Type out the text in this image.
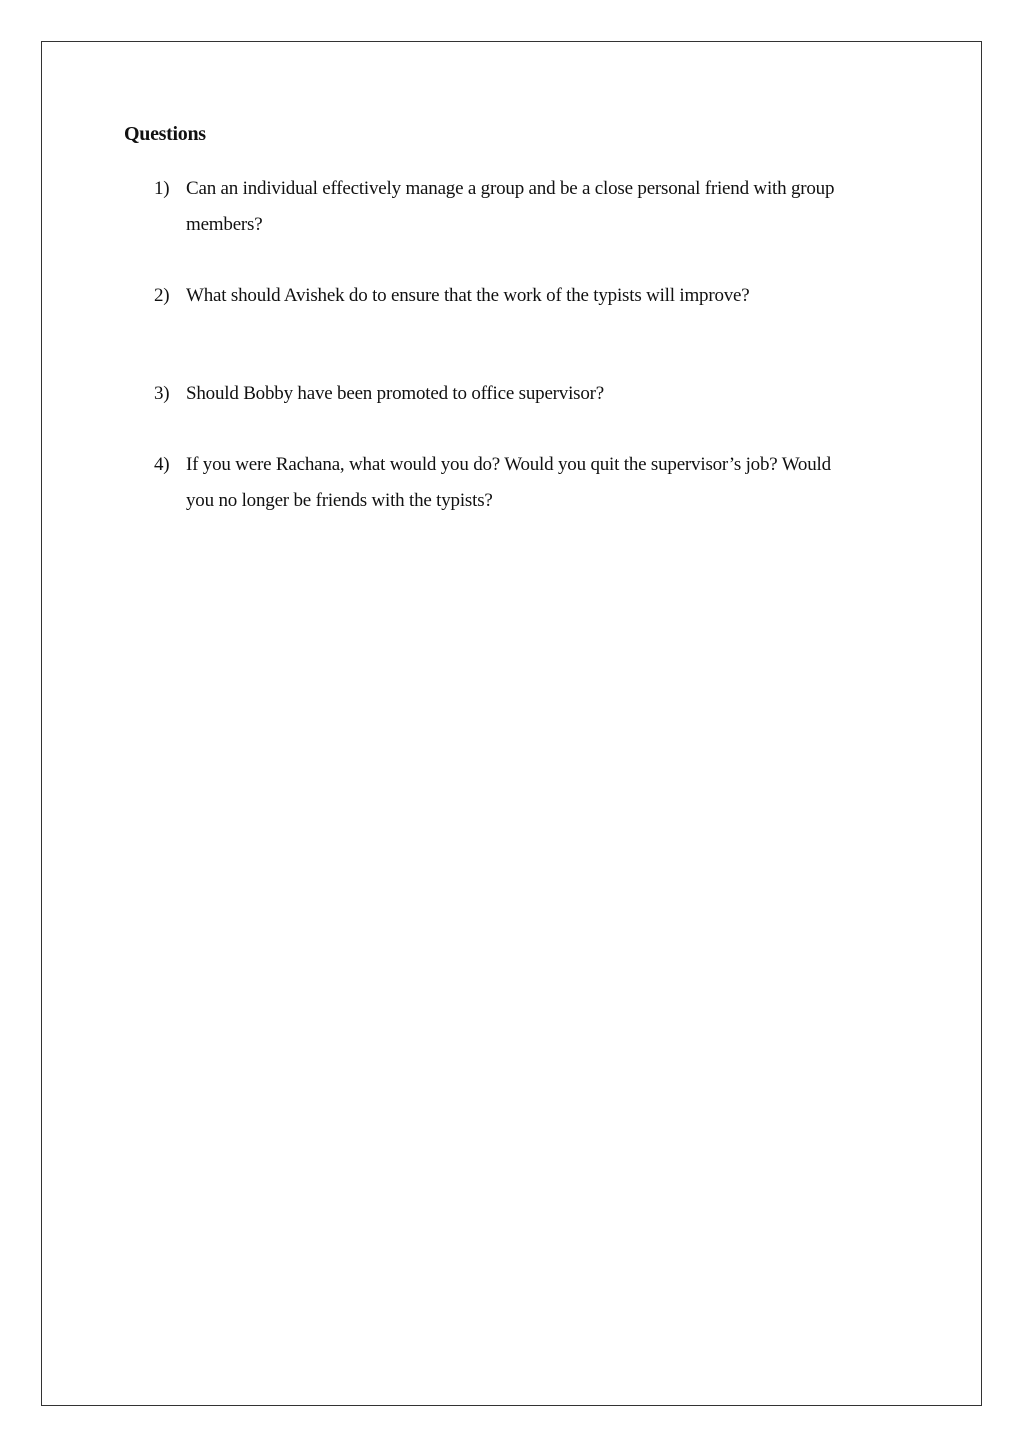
Questions
1) Can an individual effectively manage a group and be a close personal friend with group members?
2) What should Avishek do to ensure that the work of the typists will improve?
3) Should Bobby have been promoted to office supervisor?
4) If you were Rachana, what would you do? Would you quit the supervisor’s job? Would you no longer be friends with the typists?
